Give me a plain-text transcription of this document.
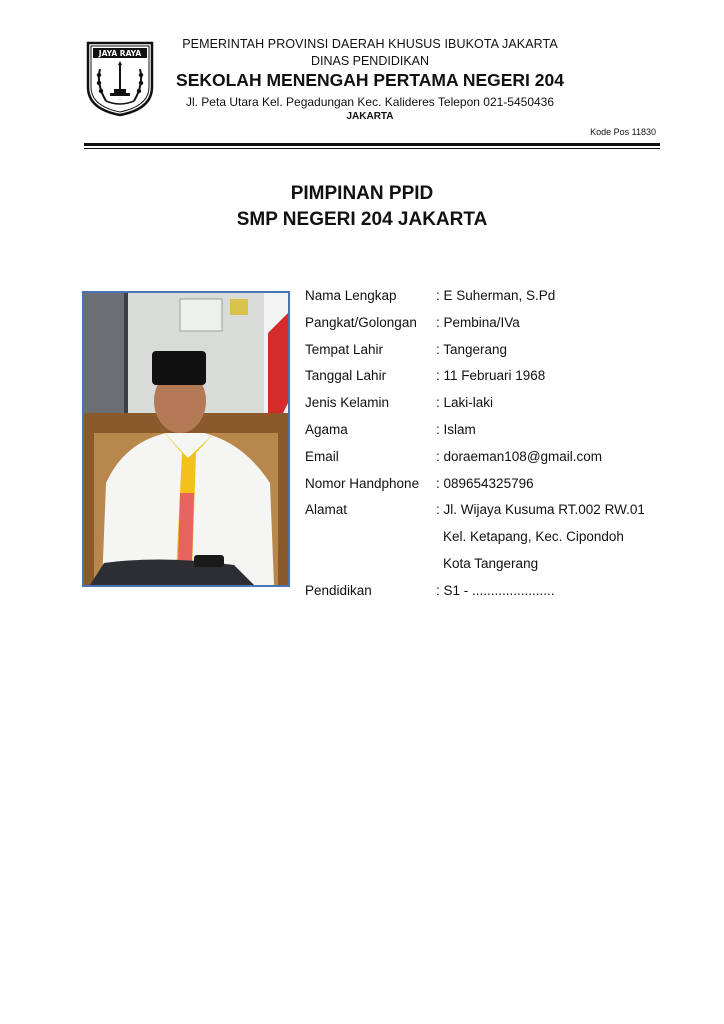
JAYA RAYA
PEMERINTAH PROVINSI DAERAH KHUSUS IBUKOTA JAKARTA
DINAS PENDIDIKAN
SEKOLAH MENENGAH PERTAMA NEGERI 204
Jl. Peta Utara Kel. Pegadungan Kec. Kalideres Telepon 021-5450436
JAKARTA
Kode Pos 11830
PIMPINAN PPID
SMP NEGERI 204 JAKARTA
Nama Lengkap	: E Suherman, S.Pd
Pangkat/Golongan : Pembina/IVa
Tempat Lahir	: Tangerang
Tanggal Lahir	: 11 Februari 1968
Jenis Kelamin	: Laki-laki
Agama	: Islam
Email	: doraeman108@gmail.com
Nomor Handphone : 089654325796
Alamat	: Jl. Wijaya Kusuma RT.002 RW.01
Kel. Ketapang, Kec. Cipondoh
Kota Tangerang
Pendidikan	: S1 - ......................
